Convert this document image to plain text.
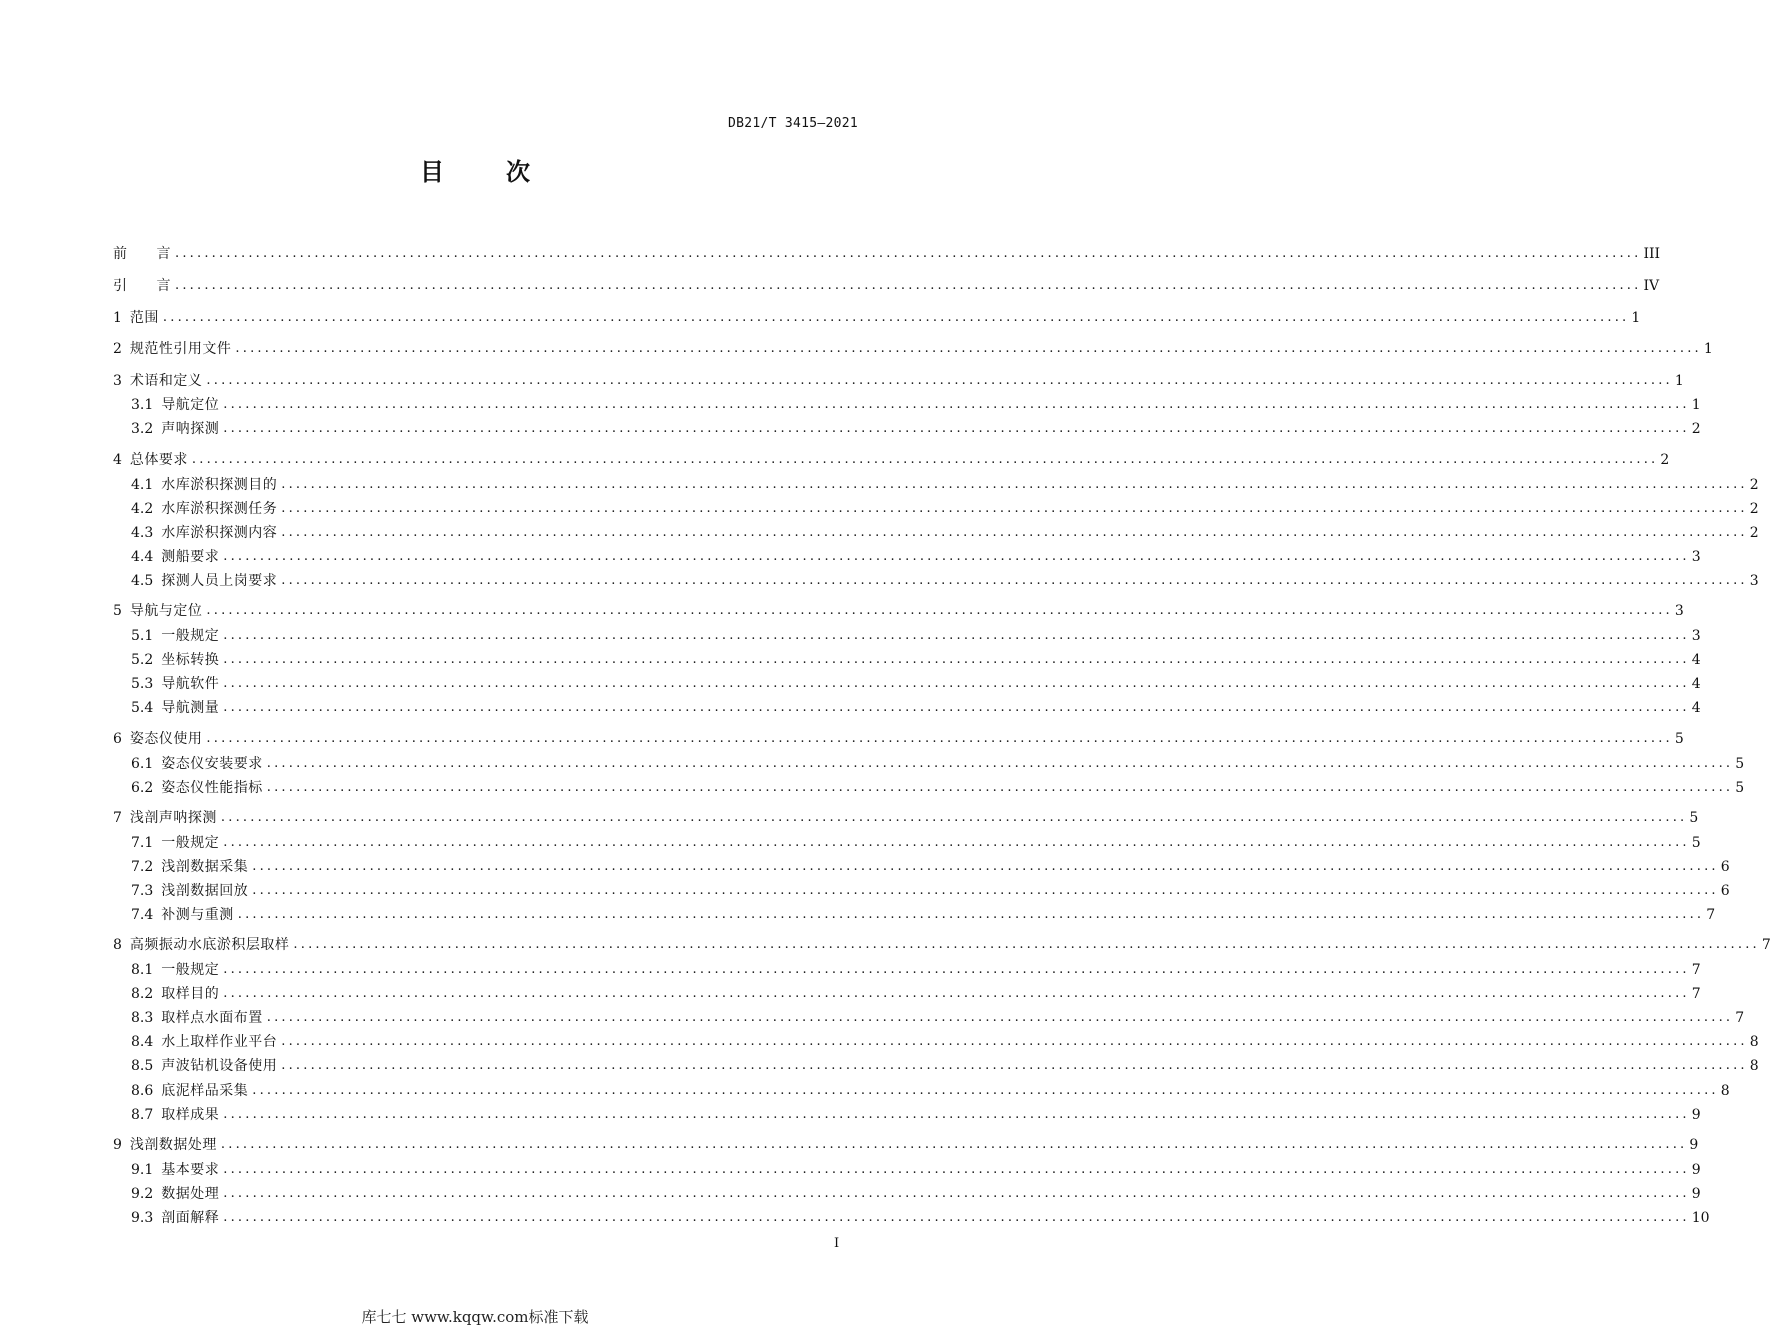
DB21/T 3415—2021
目	次
前　　言 ........................................................................................................................................................................................................ III
引　　言 ........................................................................................................................................................................................................ IV
1 范围 ........................................................................................................................................................................................................ 1
2 规范性引用文件 ........................................................................................................................................................................................................ 1
3 术语和定义 ........................................................................................................................................................................................................ 1
3.1 导航定位 ........................................................................................................................................................................................................ 1
3.2 声呐探测 ........................................................................................................................................................................................................ 2
4 总体要求 ........................................................................................................................................................................................................ 2
4.1 水库淤积探测目的 ........................................................................................................................................................................................................ 2
4.2 水库淤积探测任务 ........................................................................................................................................................................................................ 2
4.3 水库淤积探测内容 ........................................................................................................................................................................................................ 2
4.4 测船要求 ........................................................................................................................................................................................................ 3
4.5 探测人员上岗要求 ........................................................................................................................................................................................................ 3
5 导航与定位 ........................................................................................................................................................................................................ 3
5.1 一般规定 ........................................................................................................................................................................................................ 3
5.2 坐标转换 ........................................................................................................................................................................................................ 4
5.3 导航软件 ........................................................................................................................................................................................................ 4
5.4 导航测量 ........................................................................................................................................................................................................ 4
6 姿态仪使用 ........................................................................................................................................................................................................ 5
6.1 姿态仪安装要求 ........................................................................................................................................................................................................ 5
6.2 姿态仪性能指标 ........................................................................................................................................................................................................ 5
7 浅剖声呐探测 ........................................................................................................................................................................................................ 5
7.1 一般规定 ........................................................................................................................................................................................................ 5
7.2 浅剖数据采集 ........................................................................................................................................................................................................ 6
7.3 浅剖数据回放 ........................................................................................................................................................................................................ 6
7.4 补测与重测 ........................................................................................................................................................................................................ 7
8 高频振动水底淤积层取样 ........................................................................................................................................................................................................ 7
8.1 一般规定 ........................................................................................................................................................................................................ 7
8.2 取样目的 ........................................................................................................................................................................................................ 7
8.3 取样点水面布置 ........................................................................................................................................................................................................ 7
8.4 水上取样作业平台 ........................................................................................................................................................................................................ 8
8.5 声波钻机设备使用 ........................................................................................................................................................................................................ 8
8.6 底泥样品采集 ........................................................................................................................................................................................................ 8
8.7 取样成果 ........................................................................................................................................................................................................ 9
9 浅剖数据处理 ........................................................................................................................................................................................................ 9
9.1 基本要求 ........................................................................................................................................................................................................ 9
9.2 数据处理 ........................................................................................................................................................................................................ 9
9.3 剖面解释 ........................................................................................................................................................................................................ 10
I
库七七 www.kqqw.com标准下载
